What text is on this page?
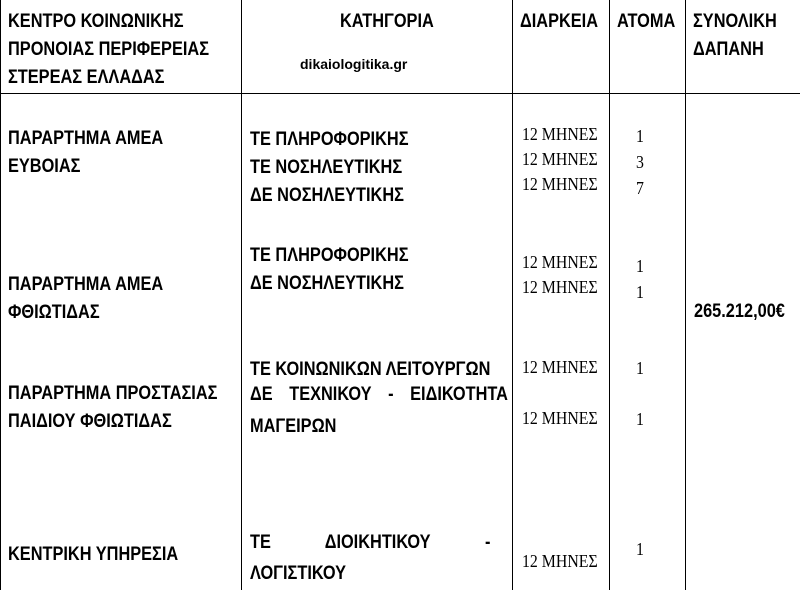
ΚΕΝΤΡΟ ΚΟΙΝΩΝΙΚΗΣ
ΠΡΟΝΟΙΑΣ ΠΕΡΙΦΕΡΕΙΑΣ
ΣΤΕΡΕΑΣ ΕΛΛΑΔΑΣ
ΚΑΤΗΓΟΡΙΑ
dikaiologitika.gr
ΔΙΑΡΚΕΙΑ ΑΤΟΜΑ ΣΥΝΟΛΙΚΗ
ΔΑΠΑΝΗ
ΠΑΡΑΡΤΗΜΑ ΑΜΕΑ
ΕΥΒΟΙΑΣ
ΤΕ ΠΛΗΡΟΦΟΡΙΚΗΣ
ΤΕ ΝΟΣΗΛΕΥΤΙΚΗΣ
ΔΕ ΝΟΣΗΛΕΥΤΙΚΗΣ
12 ΜΗΝΕΣ
12 ΜΗΝΕΣ
12 ΜΗΝΕΣ
1
3
7
ΠΑΡΑΡΤΗΜΑ ΑΜΕΑ
ΦΘΙΩΤΙΔΑΣ
ΤΕ ΠΛΗΡΟΦΟΡΙΚΗΣ
ΔΕ ΝΟΣΗΛΕΥΤΙΚΗΣ
12 ΜΗΝΕΣ
12 ΜΗΝΕΣ
1
1
265.212,00€
ΠΑΡΑΡΤΗΜΑ ΠΡΟΣΤΑΣΙΑΣ
ΠΑΙΔΙΟΥ ΦΘΙΩΤΙΔΑΣ
ΤΕ ΚΟΙΝΩΝΙΚΩΝ ΛΕΙΤΟΥΡΓΩΝ
ΔΕ ΤΕΧΝΙΚΟΥ - ΕΙΔΙΚΟΤΗΤΑ
ΜΑΓΕΙΡΩΝ
12 ΜΗΝΕΣ
12 ΜΗΝΕΣ
1
1
ΚΕΝΤΡΙΚΗ ΥΠΗΡΕΣΙΑ
ΤΕ ΔΙΟΙΚΗΤΙΚΟΥ -
ΛΟΓΙΣΤΙΚΟΥ
12 ΜΗΝΕΣ
1
